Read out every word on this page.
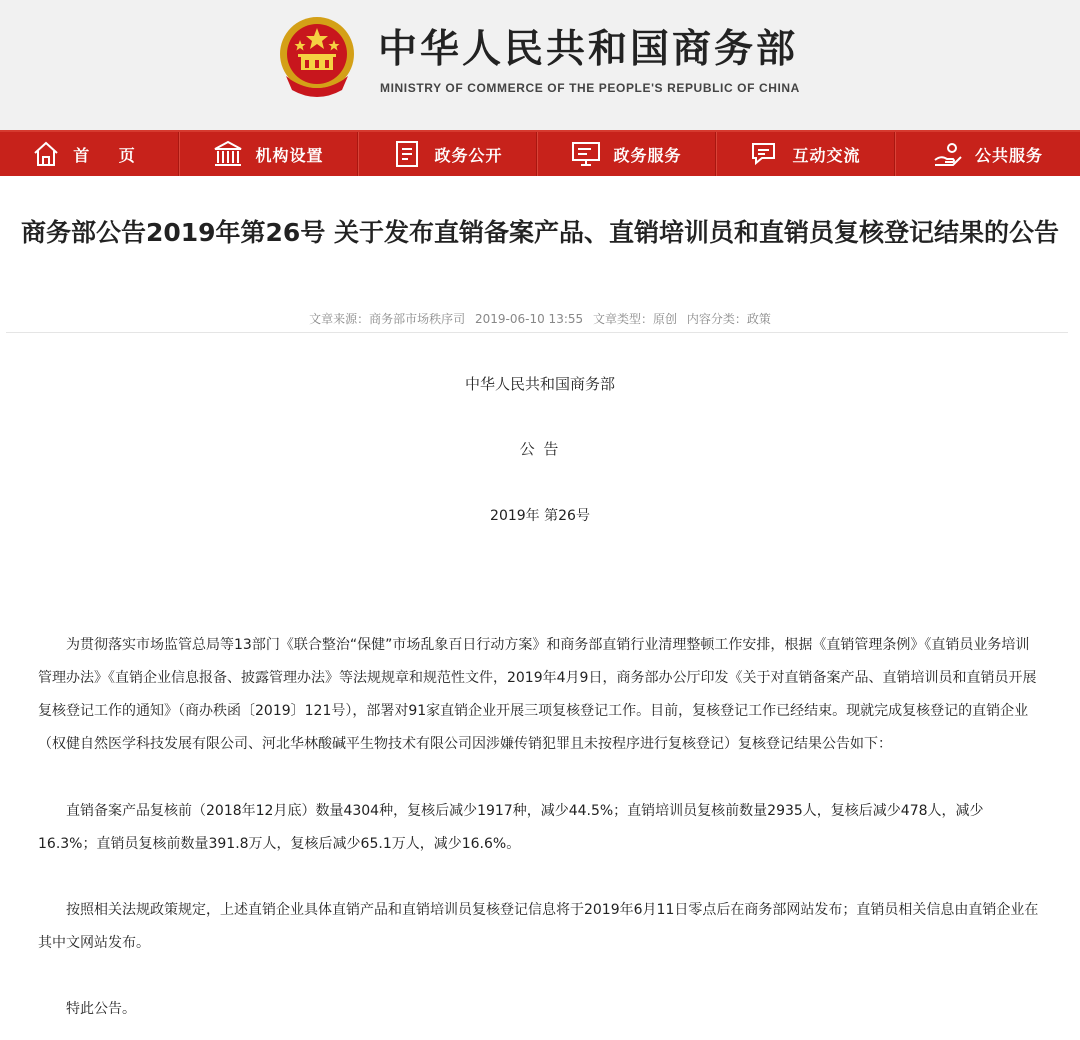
中华人民共和国商务部
MINISTRY OF COMMERCE OF THE PEOPLE'S REPUBLIC OF CHINA
首 页	机构设置	政务公开	政务服务	互动交流	公共服务
商务部公告2019年第26号 关于发布直销备案产品、直销培训员和直销员复核登记结果的公告
文章来源：商务部市场秩序司 2019-06-10 13:55 文章类型：原创 内容分类：政策
中华人民共和国商务部
公 告
2019年 第26号

为贯彻落实市场监管总局等13部门《联合整治“保健”市场乱象百日行动方案》和商务部直销行业清理整顿工作安排，根据《直销管理条例》《直销员业务培训管理办法》《直销企业信息报备、披露管理办法》等法规规章和规范性文件，2019年4月9日，商务部办公厅印发《关于对直销备案产品、直销培训员和直销员开展复核登记工作的通知》（商办秩函〔2019〕121号），部署对91家直销企业开展三项复核登记工作。目前，复核登记工作已经结束。现就完成复核登记的直销企业（权健自然医学科技发展有限公司、河北华林酸碱平生物技术有限公司因涉嫌传销犯罪且未按程序进行复核登记）复核登记结果公告如下：

直销备案产品复核前（2018年12月底）数量4304种，复核后减少1917种，减少44.5%；直销培训员复核前数量2935人，复核后减少478人，减少16.3%；直销员复核前数量391.8万人，复核后减少65.1万人，减少16.6%。

按照相关法规政策规定，上述直销企业具体直销产品和直销培训员复核登记信息将于2019年6月11日零点后在商务部网站发布；直销员相关信息由直销企业在其中文网站发布。

特此公告。
